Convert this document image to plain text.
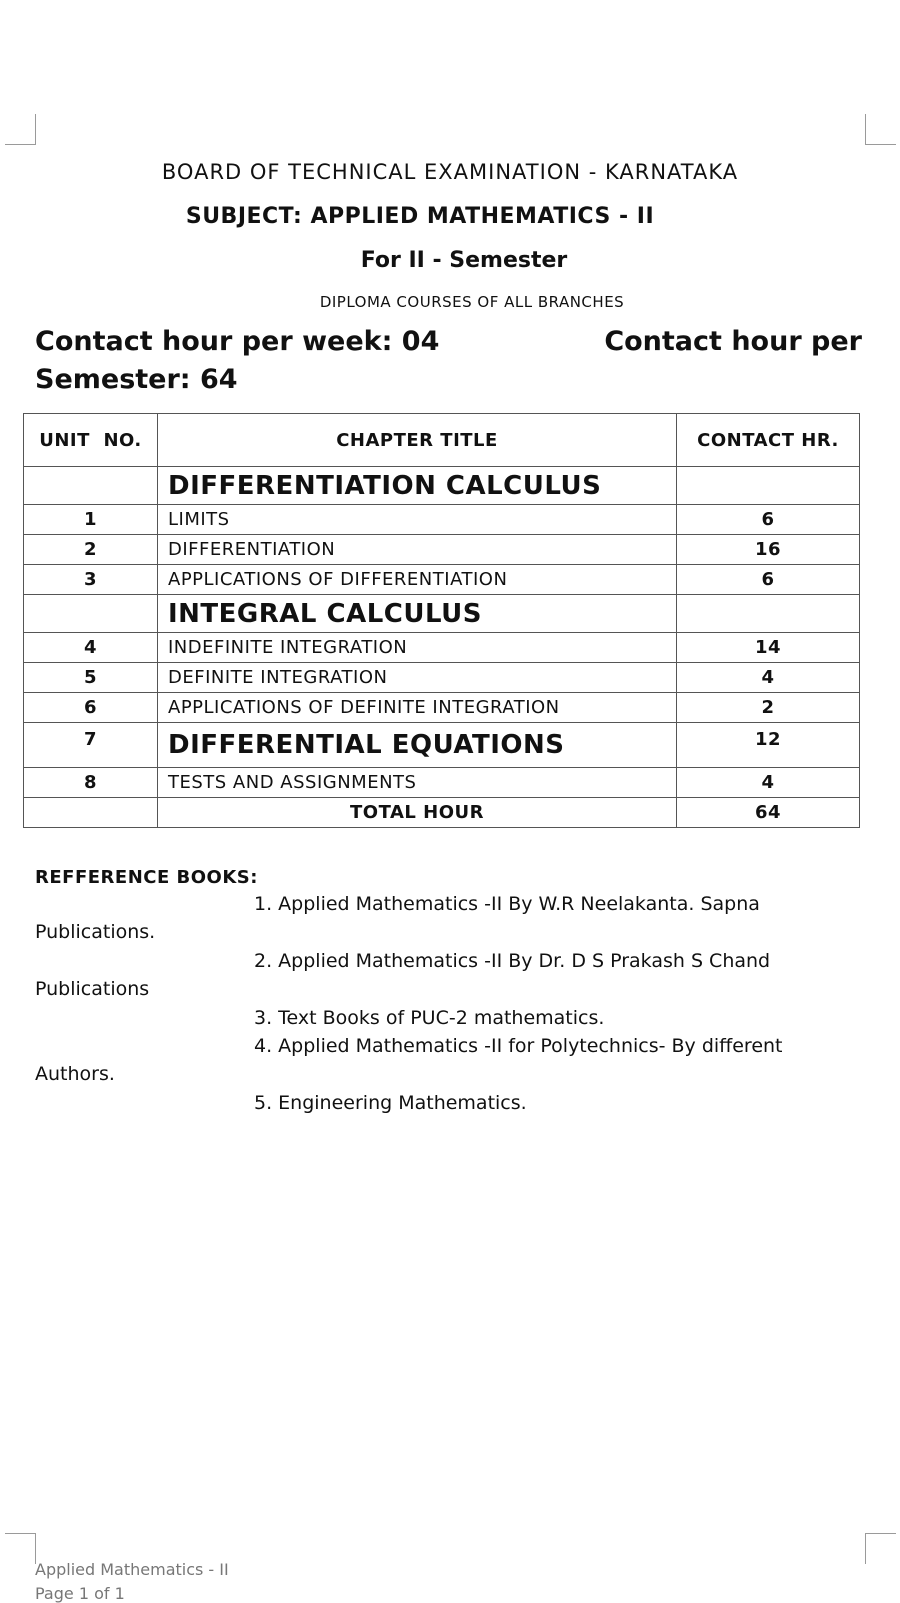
BOARD OF TECHNICAL EXAMINATION - KARNATAKA
SUBJECT: APPLIED MATHEMATICS - II
For II - Semester
DIPLOMA COURSES OF ALL BRANCHES
Contact hour per week: 04	Contact hour per
Semester: 64
UNIT  NO.	CHAPTER TITLE	CONTACT HR.
	DIFFERENTIATION CALCULUS	
1	LIMITS	6
2	DIFFERENTIATION	16
3	APPLICATIONS OF DIFFERENTIATION	6
	INTEGRAL CALCULUS	
4	INDEFINITE INTEGRATION	14
5	DEFINITE INTEGRATION	4
6	APPLICATIONS OF DEFINITE INTEGRATION	2
7	DIFFERENTIAL EQUATIONS	12
8	TESTS AND ASSIGNMENTS	4
	TOTAL HOUR	64
REFFERENCE BOOKS:
1. Applied Mathematics -II By W.R Neelakanta. Sapna
Publications.
2. Applied Mathematics -II By Dr. D S Prakash S Chand
Publications
3. Text Books of PUC-2 mathematics.
4. Applied Mathematics -II for Polytechnics- By different
Authors.
5. Engineering Mathematics.
Applied Mathematics - II
Page 1 of 1
